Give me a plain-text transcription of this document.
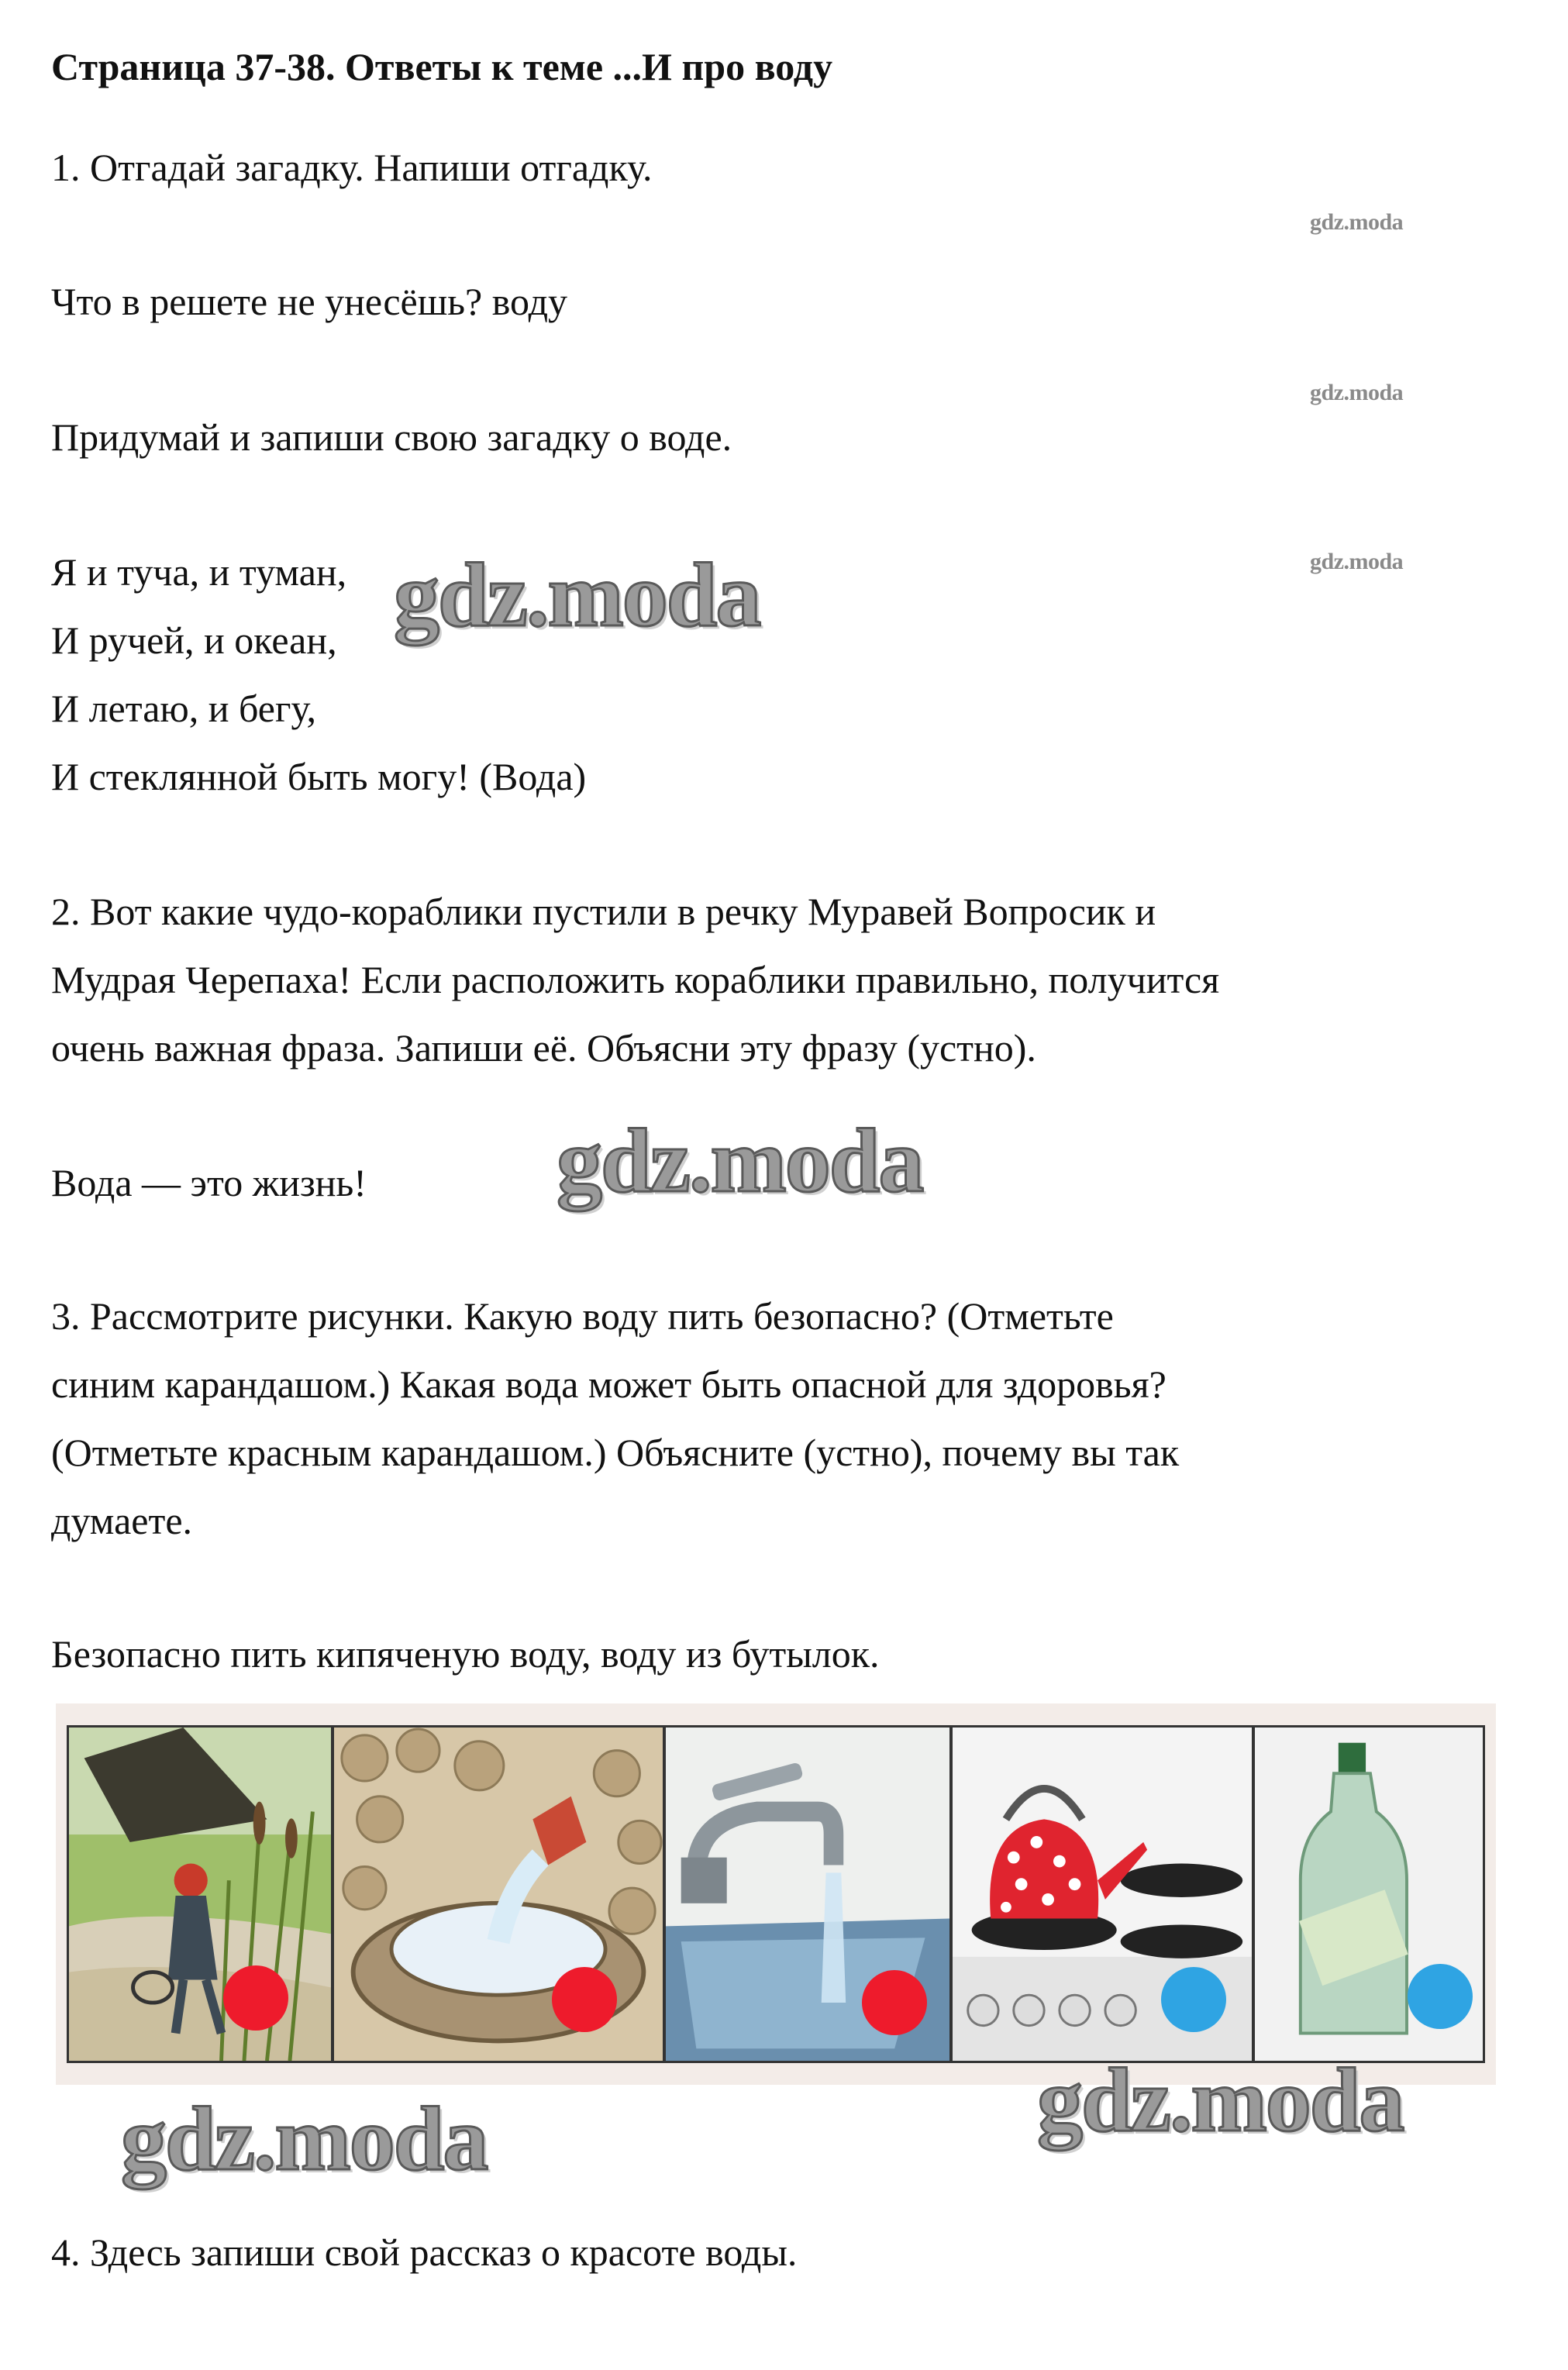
Страница 37-38. Ответы к теме ...И про воду
1. Отгадай загадку. Напиши отгадку.
gdz.moda
Что в решете не унесёшь? воду
gdz.moda
Придумай и запиши свою загадку о воде.
gdz.moda
Я и туча, и туман,
И ручей, и океан,
И летаю, и бегу,
И стеклянной быть могу! (Вода)
gdz.moda
2. Вот какие чудо-кораблики пустили в речку Муравей Вопросик и
Мудрая Черепаха! Если расположить кораблики правильно, получится
очень важная фраза. Запиши её. Объясни эту фразу (устно).
Вода — это жизнь! gdz.moda
3. Рассмотрите рисунки. Какую воду пить безопасно? (Отметьте
синим карандашом.) Какая вода может быть опасной для здоровья?
(Отметьте красным карандашом.) Объясните (устно), почему вы так
думаете.
Безопасно пить кипяченую воду, воду из бутылок.
gdz.moda	gdz.moda
4. Здесь запиши свой рассказ о красоте воды.
